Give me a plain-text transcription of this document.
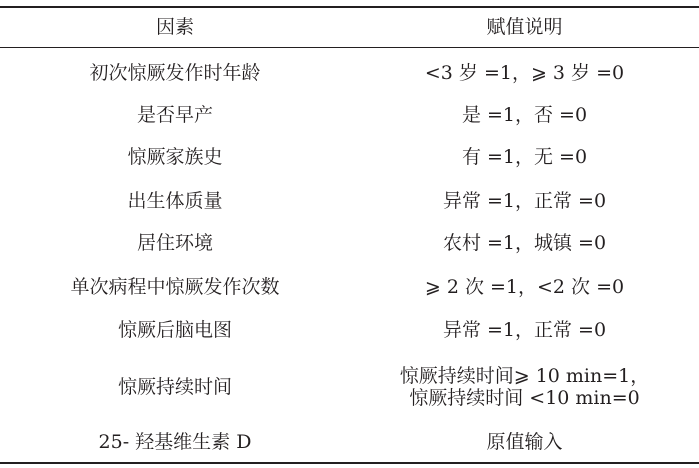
因素	赋值说明
初次惊厥发作时年龄	<3 岁 =1，⩾ 3 岁 =0
是否早产	是 =1，否 =0
惊厥家族史	有 =1，无 =0
出生体质量	异常 =1，正常 =0
居住环境	农村 =1，城镇 =0
单次病程中惊厥发作次数	⩾ 2 次 =1，<2 次 =0
惊厥后脑电图	异常 =1，正常 =0
惊厥持续时间	惊厥持续时间⩾ 10 min=1，
惊厥持续时间 <10 min=0
25- 羟基维生素 D	原值输入
